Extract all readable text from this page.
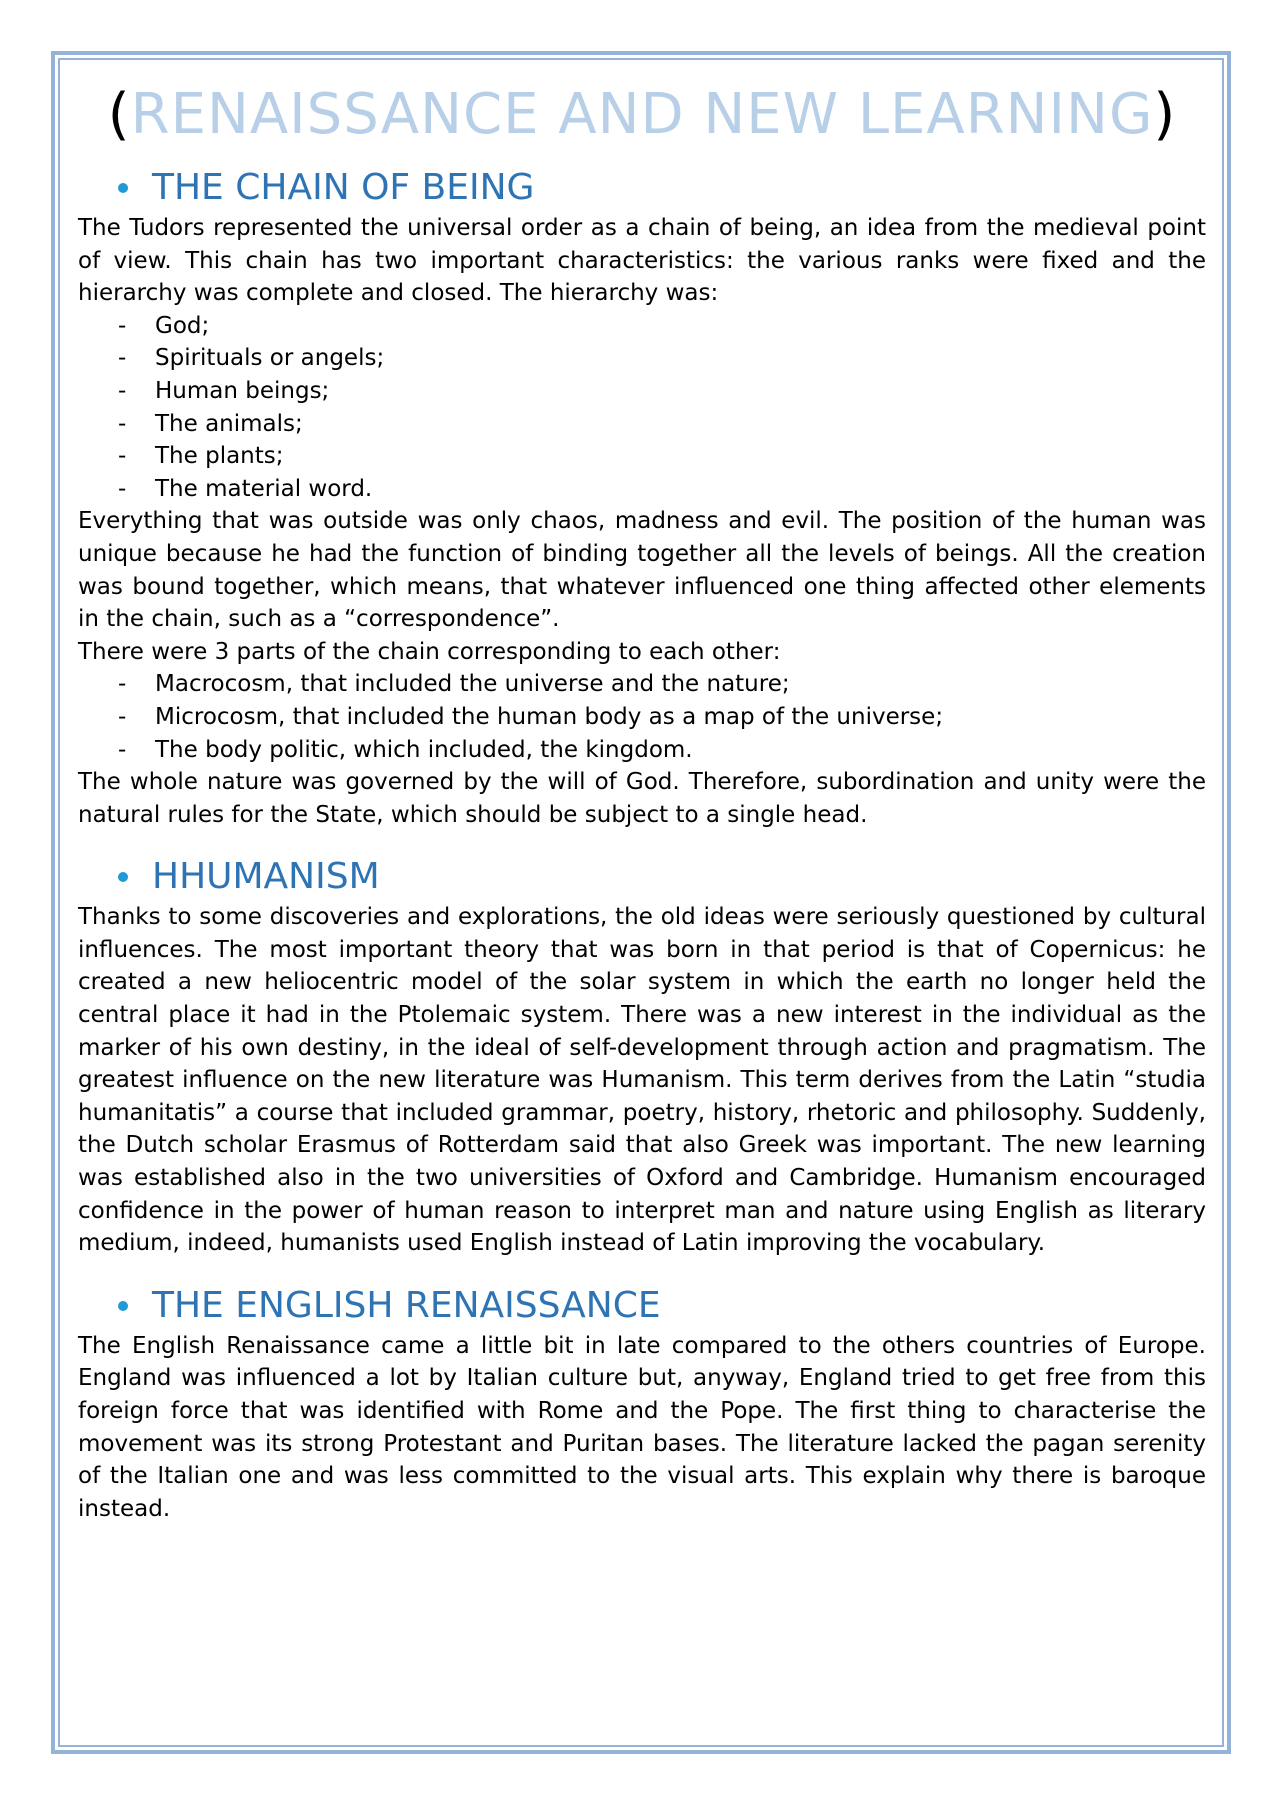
(RENAISSANCE AND NEW LEARNING)
THE CHAIN OF BEING

The Tudors represented the universal order as a chain of being, an idea from the medieval point of view. This chain has two important characteristics: the various ranks were fixed and the hierarchy was complete and closed. The hierarchy was:

- God;
- Spirituals or angels;
- Human beings;
- The animals;
- The plants;
- The material word.

Everything that was outside was only chaos, madness and evil. The position of the human was unique because he had the function of binding together all the levels of beings. All the creation was bound together, which means, that whatever influenced one thing affected other elements in the chain, such as a “correspondence”.

There were 3 parts of the chain corresponding to each other:

- Macrocosm, that included the universe and the nature;
- Microcosm, that included the human body as a map of the universe;
- The body politic, which included, the kingdom.

The whole nature was governed by the will of God. Therefore, subordination and unity were the natural rules for the State, which should be subject to a single head.

HHUMANISM

Thanks to some discoveries and explorations, the old ideas were seriously questioned by cultural influences. The most important theory that was born in that period is that of Copernicus: he created a new heliocentric model of the solar system in which the earth no longer held the central place it had in the Ptolemaic system. There was a new interest in the individual as the marker of his own destiny, in the ideal of self-development through action and pragmatism. The greatest influence on the new literature was Humanism. This term derives from the Latin “studia humanitatis” a course that included grammar, poetry, history, rhetoric and philosophy. Suddenly, the Dutch scholar Erasmus of Rotterdam said that also Greek was important. The new learning was established also in the two universities of Oxford and Cambridge. Humanism encouraged confidence in the power of human reason to interpret man and nature using English as literary medium, indeed, humanists used English instead of Latin improving the vocabulary.

THE ENGLISH RENAISSANCE

The English Renaissance came a little bit in late compared to the others countries of Europe. England was influenced a lot by Italian culture but, anyway, England tried to get free from this foreign force that was identified with Rome and the Pope. The first thing to characterise the movement was its strong Protestant and Puritan bases. The literature lacked the pagan serenity of the Italian one and was less committed to the visual arts. This explain why there is baroque instead.
